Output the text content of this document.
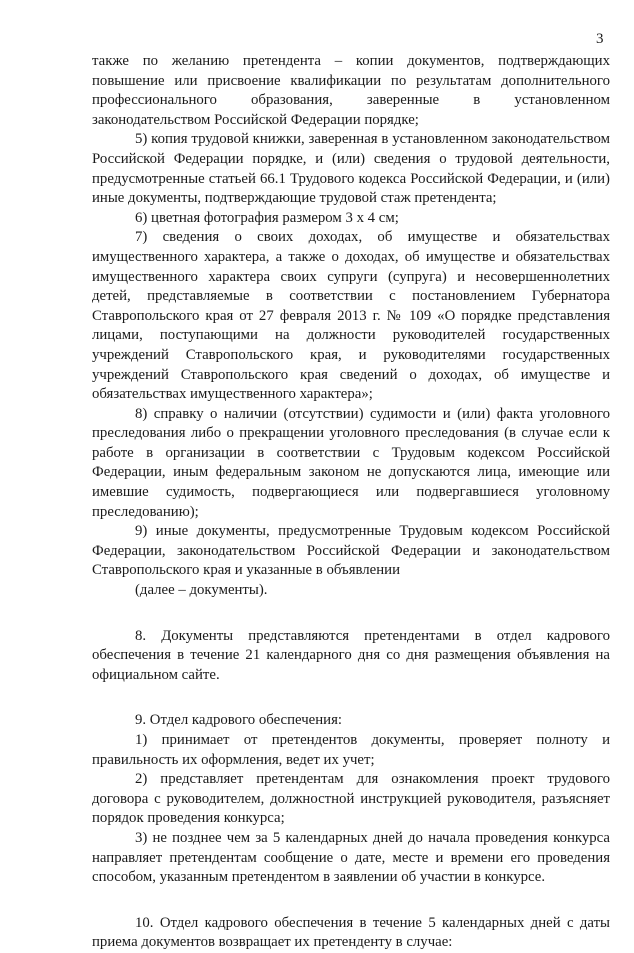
3

также по желанию претендента – копии документов, подтверждающих повышение или присвоение квалификации по результатам дополнительного профессионального образования, заверенные в установленном законодательством Российской Федерации порядке;

5) копия трудовой книжки, заверенная в установленном законодательством Российской Федерации порядке, и (или) сведения о трудовой деятельности, предусмотренные статьей 66.1 Трудового кодекса Российской Федерации, и (или) иные документы, подтверждающие трудовой стаж претендента;

6) цветная фотография размером 3 х 4 см;

7) сведения о своих доходах, об имуществе и обязательствах имущественного характера, а также о доходах, об имуществе и обязательствах имущественного характера своих супруги (супруга) и несовершеннолетних детей, представляемые в соответствии с постановлением Губернатора Ставропольского края от 27 февраля 2013 г. № 109 «О порядке представления лицами, поступающими на должности руководителей государственных учреждений Ставропольского края, и руководителями государственных учреждений Ставропольского края сведений о доходах, об имуществе и обязательствах имущественного характера»;

8) справку о наличии (отсутствии) судимости и (или) факта уголовного преследования либо о прекращении уголовного преследования (в случае если к работе в организации в соответствии с Трудовым кодексом Российской Федерации, иным федеральным законом не допускаются лица, имеющие или имевшие судимость, подвергающиеся или подвергавшиеся уголовному преследованию);

9) иные документы, предусмотренные Трудовым кодексом Российской Федерации, законодательством Российской Федерации и законодательством Ставропольского края и указанные в объявлении

(далее – документы).

8. Документы представляются претендентами в отдел кадрового обеспечения в течение 21 календарного дня со дня размещения объявления на официальном сайте.

9. Отдел кадрового обеспечения:

1) принимает от претендентов документы, проверяет полноту и правильность их оформления, ведет их учет;

2) представляет претендентам для ознакомления проект трудового договора с руководителем, должностной инструкцией руководителя, разъясняет порядок проведения конкурса;

3) не позднее чем за 5 календарных дней до начала проведения конкурса направляет претендентам сообщение о дате, месте и времени его проведения способом, указанным претендентом в заявлении об участии в конкурсе.

10. Отдел кадрового обеспечения в течение 5 календарных дней с даты приема документов возвращает их претенденту в случае:
